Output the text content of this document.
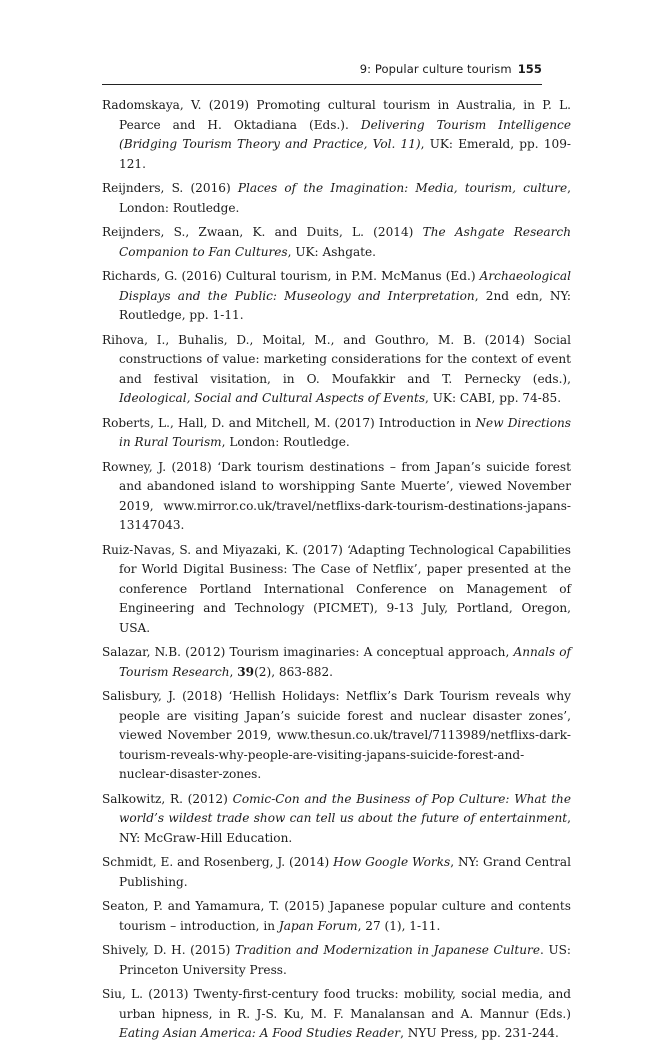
9: Popular culture tourism 155

Radomskaya, V. (2019) Promoting cultural tourism in Australia, in P. L. Pearce and H. Oktadiana (Eds.). Delivering Tourism Intelligence (Bridging Tourism Theory and Practice, Vol. 11), UK: Emerald, pp. 109-121.

Reijnders, S. (2016) Places of the Imagination: Media, tourism, culture, London: Routledge.

Reijnders, S., Zwaan, K. and Duits, L. (2014) The Ashgate Research Companion to Fan Cultures, UK: Ashgate.

Richards, G. (2016) Cultural tourism, in P.M. McManus (Ed.) Archaeological Displays and the Public: Museology and Interpretation, 2nd edn, NY: Routledge, pp. 1-11.

Rihova, I., Buhalis, D., Moital, M., and Gouthro, M. B. (2014) Social constructions of value: marketing considerations for the context of event and festival visitation, in O. Moufakkir and T. Pernecky (eds.), Ideological, Social and Cultural Aspects of Events, UK: CABI, pp. 74-85.

Roberts, L., Hall, D. and Mitchell, M. (2017) Introduction in New Directions in Rural Tourism, London: Routledge.

Rowney, J. (2018) ‘Dark tourism destinations – from Japan’s suicide forest and abandoned island to worshipping Sante Muerte’, viewed November 2019, www.mirror.co.uk/travel/netflixs-dark-tourism-destinations-japans-13147043.

Ruiz-Navas, S. and Miyazaki, K. (2017) ‘Adapting Technological Capabilities for World Digital Business: The Case of Netflix’, paper presented at the conference Portland International Conference on Management of Engineering and Technology (PICMET), 9-13 July, Portland, Oregon, USA.

Salazar, N.B. (2012) Tourism imaginaries: A conceptual approach, Annals of Tourism Research, 39(2), 863-882.

Salisbury, J. (2018) ‘Hellish Holidays: Netflix’s Dark Tourism reveals why people are visiting Japan’s suicide forest and nuclear disaster zones’, viewed November 2019, www.thesun.co.uk/travel/7113989/netflixs-dark-tourism-reveals-why-people-are-visiting-japans-suicide-forest-and-nuclear-disaster-zones.

Salkowitz, R. (2012) Comic-Con and the Business of Pop Culture: What the world’s wildest trade show can tell us about the future of entertainment, NY: McGraw-Hill Education.

Schmidt, E. and Rosenberg, J. (2014) How Google Works, NY: Grand Central Publishing.

Seaton, P. and Yamamura, T. (2015) Japanese popular culture and contents tourism – introduction, in Japan Forum, 27 (1), 1-11.

Shively, D. H. (2015) Tradition and Modernization in Japanese Culture. US: Princeton University Press.

Siu, L. (2013) Twenty-first-century food trucks: mobility, social media, and urban hipness, in R. J-S. Ku, M. F. Manalansan and A. Mannur (Eds.) Eating Asian America: A Food Studies Reader, NYU Press, pp. 231-244.
